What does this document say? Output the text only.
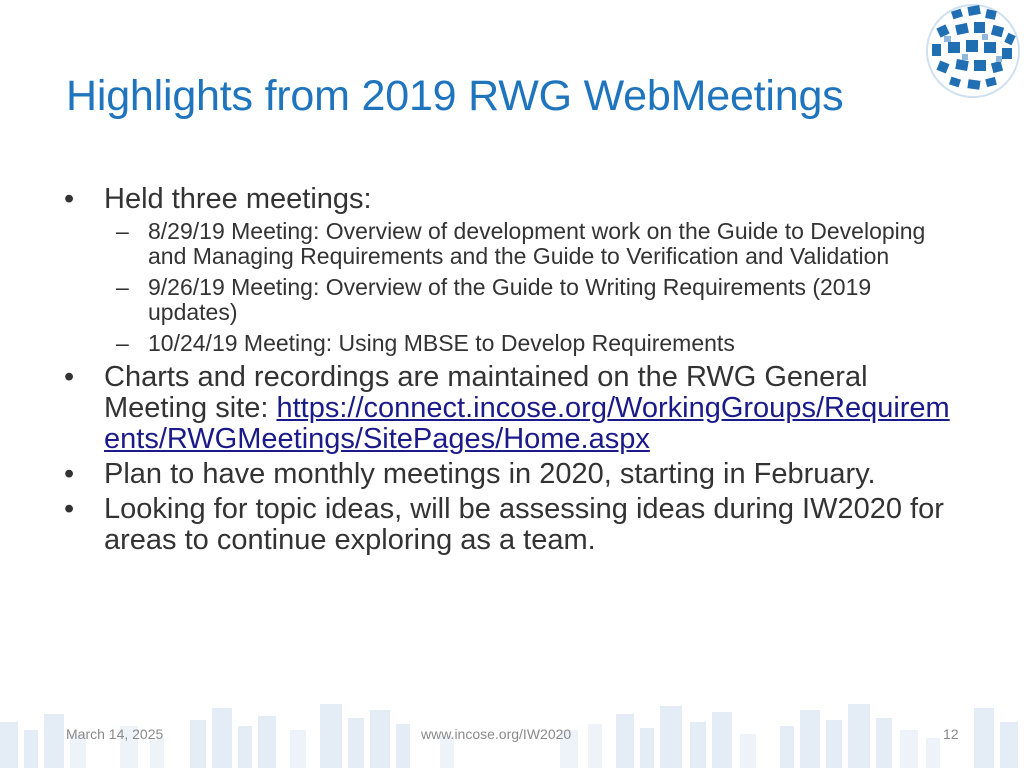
Highlights from 2019 RWG WebMeetings
• Held three meetings:
– 8/29/19 Meeting: Overview of development work on the Guide to Developing and Managing Requirements and the Guide to Verification and Validation
– 9/26/19 Meeting: Overview of the Guide to Writing Requirements (2019 updates)
– 10/24/19 Meeting: Using MBSE to Develop Requirements
• Charts and recordings are maintained on the RWG General Meeting site: https://connect.incose.org/WorkingGroups/Requirements/RWGMeetings/SitePages/Home.aspx
• Plan to have monthly meetings in 2020, starting in February.
• Looking for topic ideas, will be assessing ideas during IW2020 for areas to continue exploring as a team.
March 14, 2025	www.incose.org/IW2020	12
